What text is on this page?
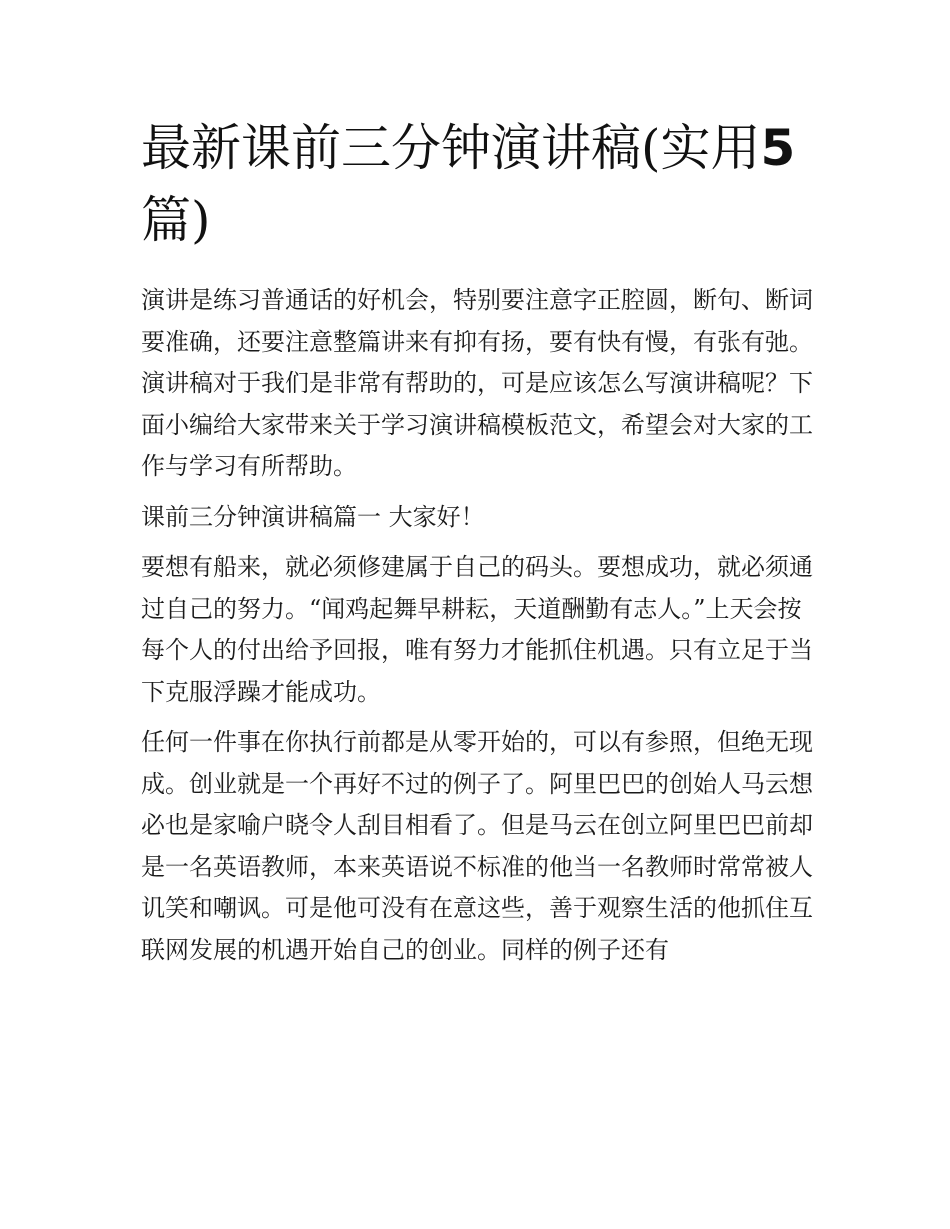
最新课前三分钟演讲稿(实用5
篇)

演讲是练习普通话的好机会，特别要注意字正腔圆，断句、断词要准确，还要注意整篇讲来有抑有扬，要有快有慢，有张有弛。演讲稿对于我们是非常有帮助的，可是应该怎么写演讲稿呢？下面小编给大家带来关于学习演讲稿模板范文，希望会对大家的工作与学习有所帮助。

课前三分钟演讲稿篇一 大家好！

要想有船来，就必须修建属于自己的码头。要想成功，就必须通过自己的努力。“闻鸡起舞早耕耘，天道酬勤有志人。”上天会按每个人的付出给予回报，唯有努力才能抓住机遇。只有立足于当下克服浮躁才能成功。

任何一件事在你执行前都是从零开始的，可以有参照，但绝无现成。创业就是一个再好不过的例子了。阿里巴巴的创始人马云想必也是家喻户晓令人刮目相看了。但是马云在创立阿里巴巴前却是一名英语教师，本来英语说不标准的他当一名教师时常常被人讥笑和嘲讽。可是他可没有在意这些，善于观察生活的他抓住互联网发展的机遇开始自己的创业。同样的例子还有
